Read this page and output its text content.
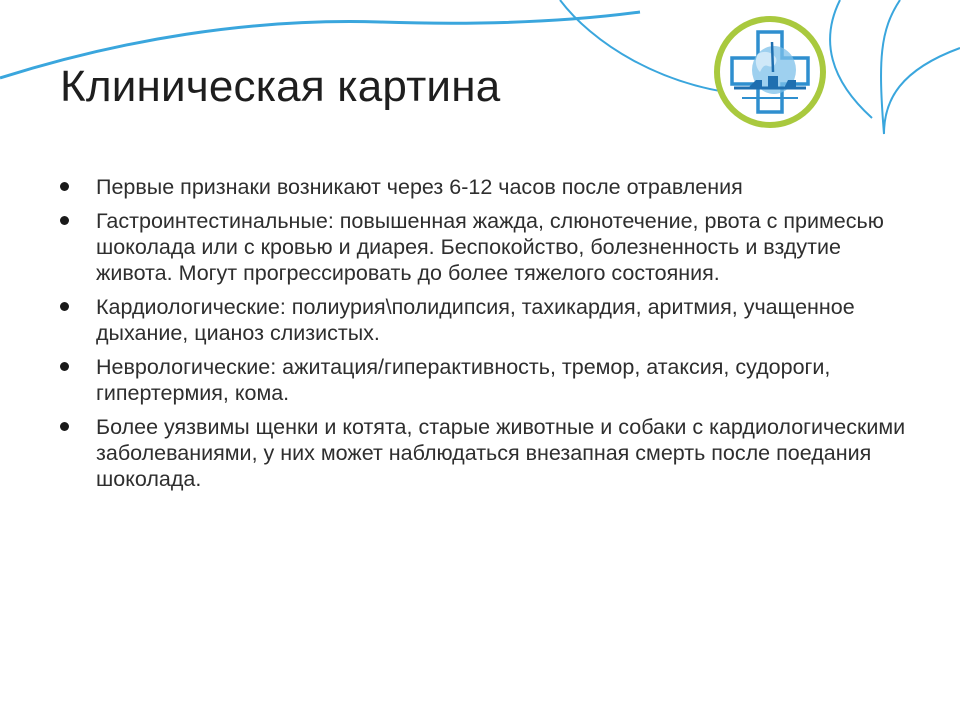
Клиническая картина
Первые признаки возникают через 6-12 часов после отравления
Гастроинтестинальные: повышенная жажда, слюнотечение, рвота с примесью шоколада или с кровью и диарея. Беспокойство, болезненность и вздутие живота. Могут прогрессировать до более тяжелого состояния.
Кардиологические: полиурия\полидипсия, тахикардия, аритмия, учащенное дыхание, цианоз слизистых.
Неврологические: ажитация/гиперактивность, тремор, атаксия, судороги, гипертермия, кома.
Более уязвимы щенки и котята, старые животные и собаки с кардиологическими заболеваниями, у них может наблюдаться внезапная смерть после поедания шоколада.
